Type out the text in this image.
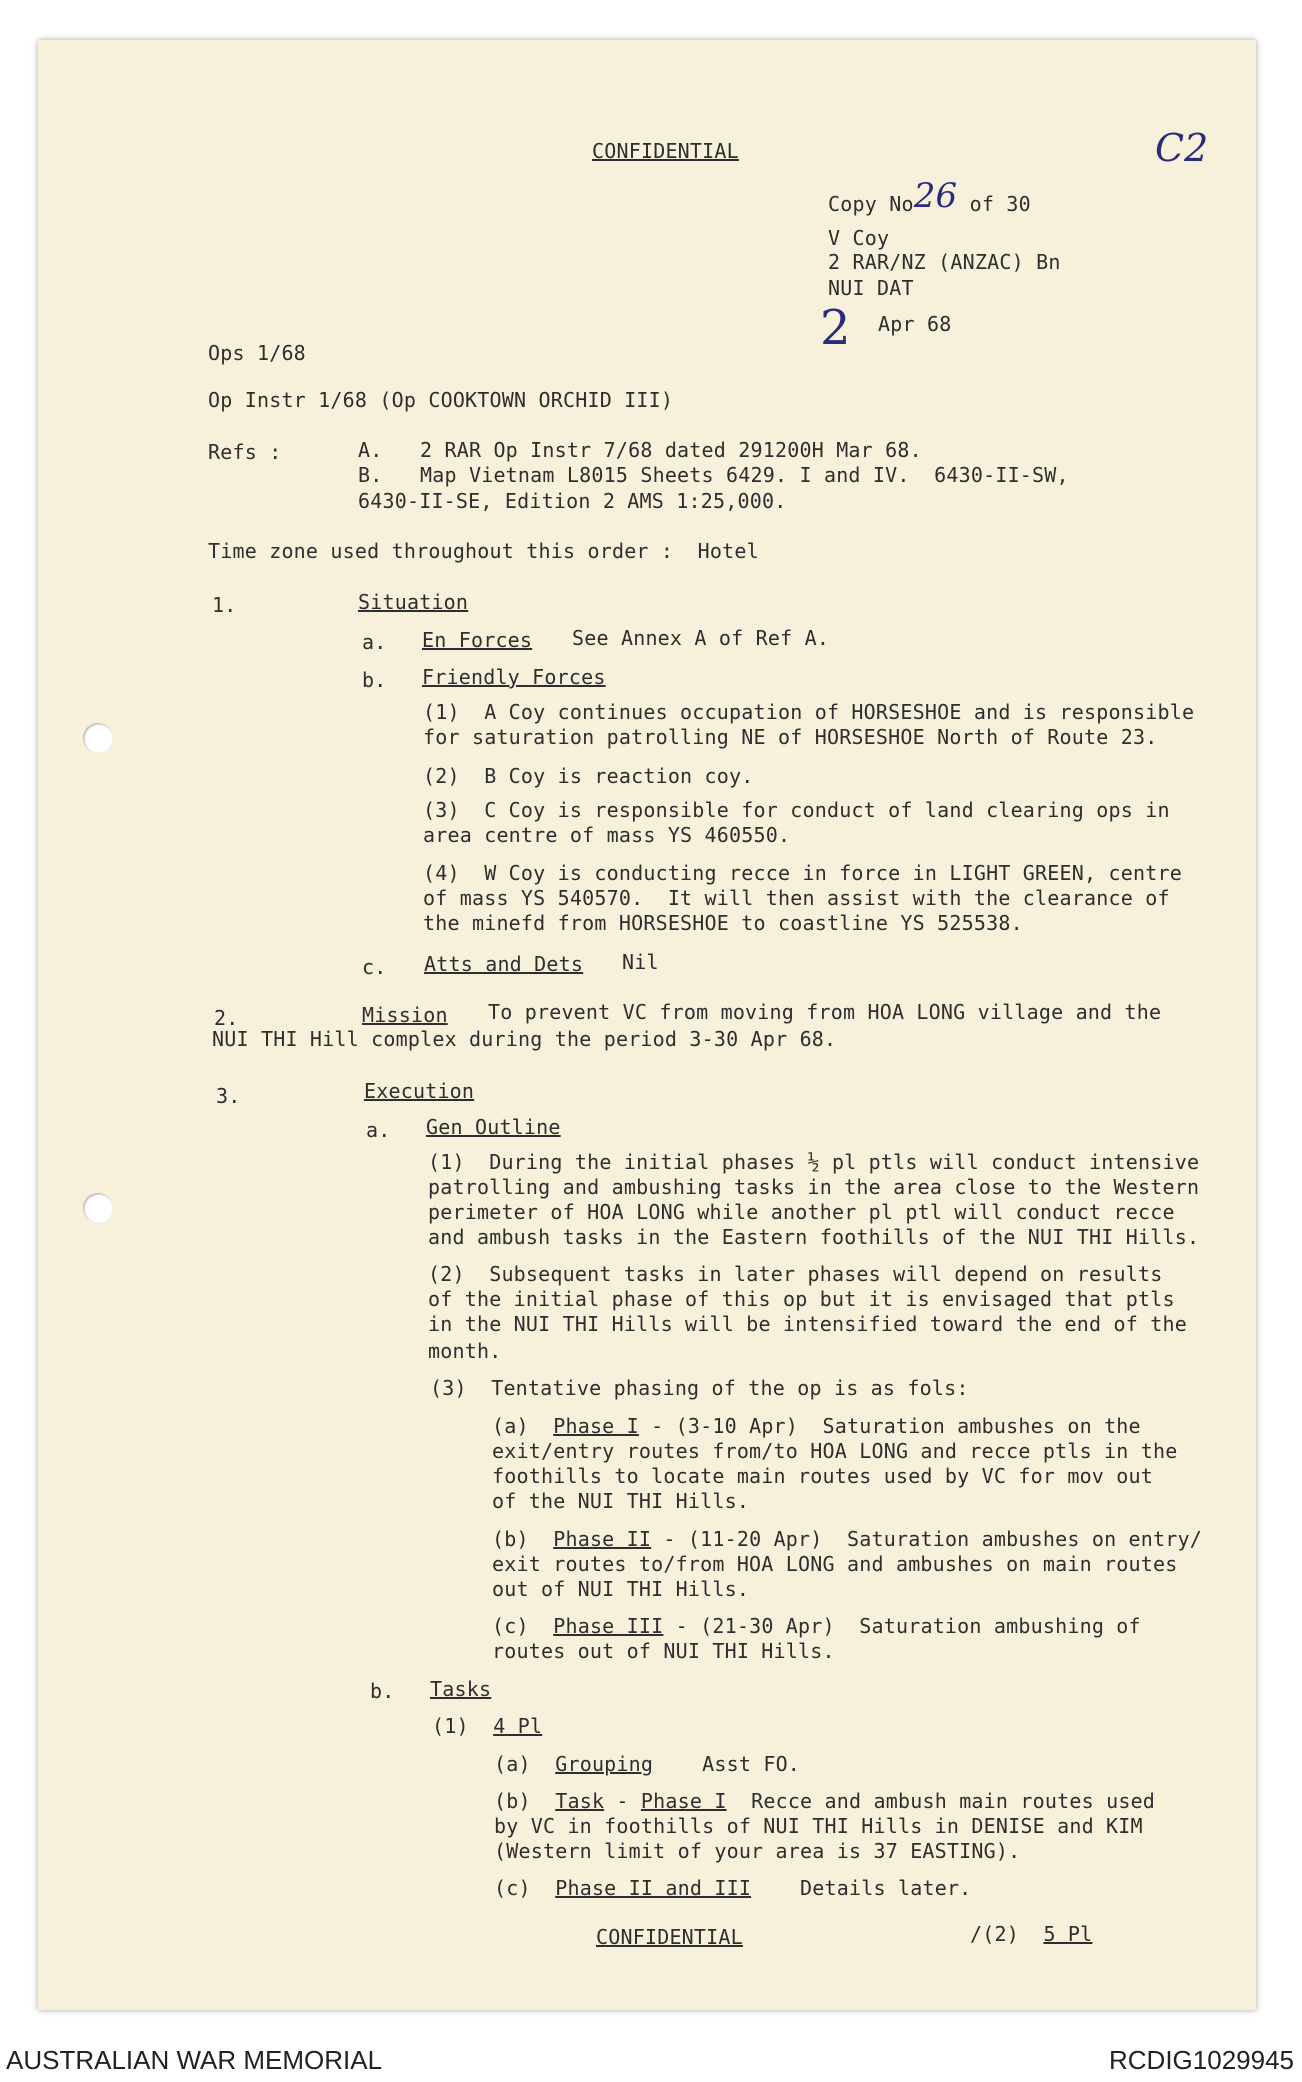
CONFIDENTIAL	C2
Copy No26 of 30
V Coy
2 RAR/NZ (ANZAC) Bn
NUI DAT
2 Apr 68
Ops 1/68
Op Instr 1/68 (Op COOKTOWN ORCHID III)
Refs :	A. 2 RAR Op Instr 7/68 dated 291200H Mar 68.
B. Map Vietnam L8015 Sheets 6429. I and IV.  6430-II-SW,
6430-II-SE, Edition 2 AMS 1:25,000.
Time zone used throughout this order :  Hotel
1.	Situation
a. En Forces See Annex A of Ref A.
b. Friendly Forces
(1)  A Coy continues occupation of HORSESHOE and is responsible
for saturation patrolling NE of HORSESHOE North of Route 23.
(2)  B Coy is reaction coy.
(3)  C Coy is responsible for conduct of land clearing ops in
area centre of mass YS 460550.
(4)  W Coy is conducting recce in force in LIGHT GREEN, centre
of mass YS 540570.  It will then assist with the clearance of
the minefd from HORSESHOE to coastline YS 525538.
c. Atts and Dets Nil
2.	Mission To prevent VC from moving from HOA LONG village and the
NUI THI Hill complex during the period 3-30 Apr 68.
3.	Execution
a. Gen Outline
(1)  During the initial phases ½ pl ptls will conduct intensive
patrolling and ambushing tasks in the area close to the Western
perimeter of HOA LONG while another pl ptl will conduct recce
and ambush tasks in the Eastern foothills of the NUI THI Hills.
(2)  Subsequent tasks in later phases will depend on results
of the initial phase of this op but it is envisaged that ptls
in the NUI THI Hills will be intensified toward the end of the
month.
(3)  Tentative phasing of the op is as fols:
(a) Phase I - (3-10 Apr)  Saturation ambushes on the
exit/entry routes from/to HOA LONG and recce ptls in the
foothills to locate main routes used by VC for mov out
of the NUI THI Hills.
(b) Phase II - (11-20 Apr)  Saturation ambushes on entry/
exit routes to/from HOA LONG and ambushes on main routes
out of NUI THI Hills.
(c) Phase III - (21-30 Apr)  Saturation ambushing of
routes out of NUI THI Hills.
b. Tasks
(1) 4 Pl
(a) Grouping Asst FO.
(b) Task - Phase I  Recce and ambush main routes used
by VC in foothills of NUI THI Hills in DENISE and KIM
(Western limit of your area is 37 EASTING).
(c) Phase II and III Details later.
CONFIDENTIAL	/(2) 5 Pl
AUSTRALIAN WAR MEMORIAL	RCDIG1029945
